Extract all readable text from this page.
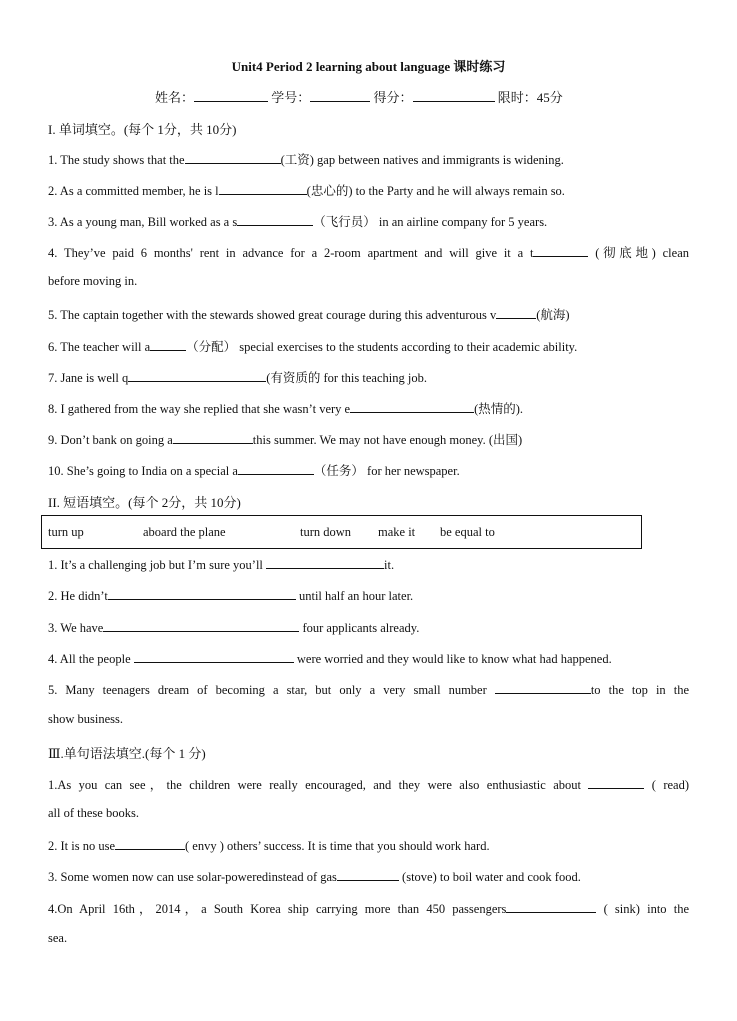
Unit4 Period 2 learning about language 课时练习
姓名：	学号：	得分：	限时：45分
I. 单词填空。(每个 1分，共 10分)
1. The study shows that the	(工资) gap between natives and immigrants is widening.
2. As a committed member, he is l	(忠心的) to the Party and he will always remain so.
3. As a young man, Bill worked as a s	（飞行员） in an airline company for 5 years.
4. They’ve paid 6 months' rent in advance for a 2-room apartment and will give it a t	(彻底地) clean
before moving in.
5. The captain together with the stewards showed great courage during this adventurous v	(航海)
6. The teacher will a	（分配） special exercises to the students according to their academic ability.
7. Jane is well q	(有资质的 for this teaching job.
8. I gathered from the way she replied that she wasn’t very e	(热情的).
9. Don’t bank on going a	this summer. We may not have enough money. (出国)
10. She’s going to India on a special a	（任务） for her newspaper.
II. 短语填空。(每个 2分，共 10分)
turn up	aboard the plane	turn down make it be equal to
1. It’s a challenging job but I’m sure you’ll	it.
2. He didn’t	until half an hour later.
3. We have	four applicants already.
4. All the people	were worried and they would like to know what had happened.
5. Many teenagers dream of becoming a star, but only a very small number	to the top in the
show business.
Ⅲ.单句语法填空.(每个 1 分)
1.As you can see，the children were really encouraged, and they were also enthusiastic about	( read)
all of these books.
2. It is no use	( envy ) others’ success. It is time that you should work hard.
3. Some women now can use solar-poweredinstead of gas	(stove) to boil water and cook food.
4.On April 16th，2014，a South Korea ship carrying more than 450 passengers	( sink) into the
sea.
